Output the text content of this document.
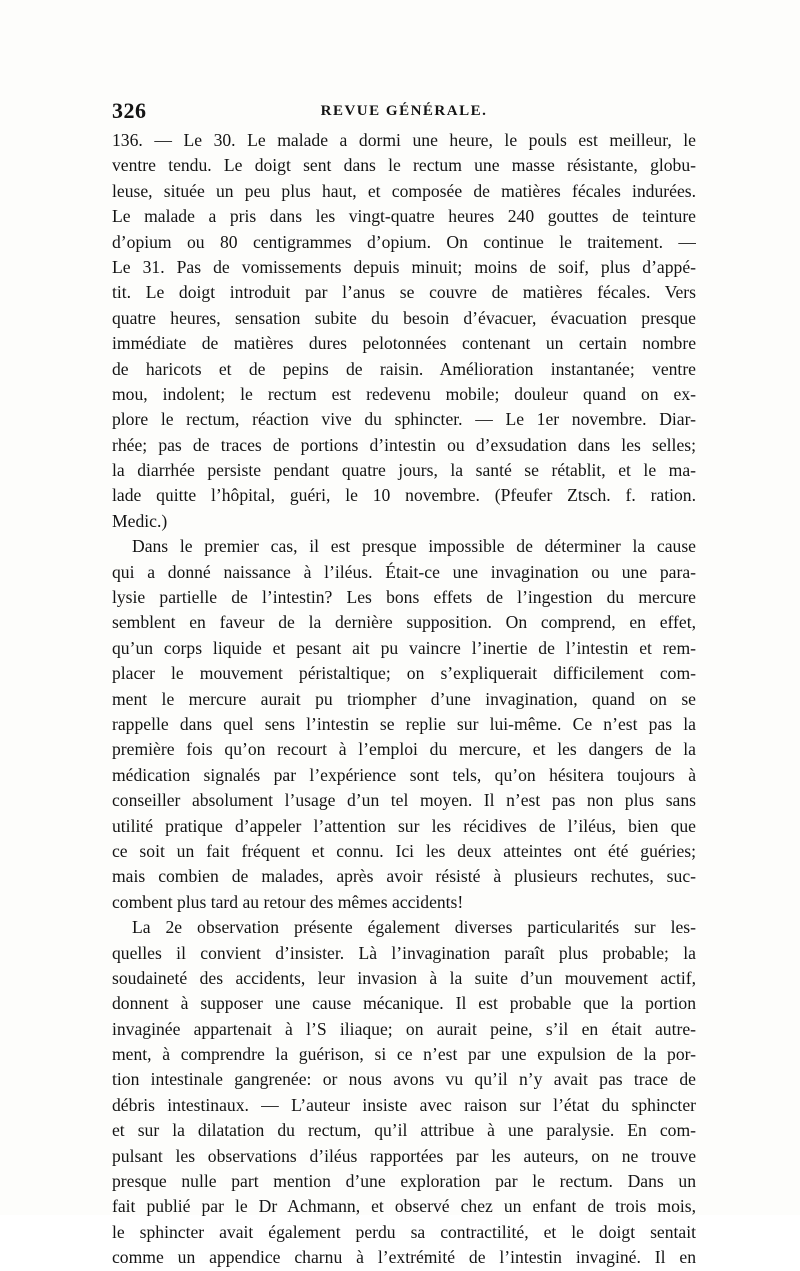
326	REVUE GÉNÉRALE.
136. — Le 30. Le malade a dormi une heure, le pouls est meilleur, le
ventre tendu. Le doigt sent dans le rectum une masse résistante, globu-
leuse, située un peu plus haut, et composée de matières fécales indurées.
Le malade a pris dans les vingt-quatre heures 240 gouttes de teinture
d’opium ou 80 centigrammes d’opium. On continue le traitement. —
Le 31. Pas de vomissements depuis minuit; moins de soif, plus d’appé-
tit. Le doigt introduit par l’anus se couvre de matières fécales. Vers
quatre heures, sensation subite du besoin d’évacuer, évacuation presque
immédiate de matières dures pelotonnées contenant un certain nombre
de haricots et de pepins de raisin. Amélioration instantanée; ventre
mou, indolent; le rectum est redevenu mobile; douleur quand on ex-
plore le rectum, réaction vive du sphincter. — Le 1er novembre. Diar-
rhée; pas de traces de portions d’intestin ou d’exsudation dans les selles;
la diarrhée persiste pendant quatre jours, la santé se rétablit, et le ma-
lade quitte l’hôpital, guéri, le 10 novembre. (Pfeufer Ztsch. f. ration.
Medic.)
Dans le premier cas, il est presque impossible de déterminer la cause
qui a donné naissance à l’iléus. Était-ce une invagination ou une para-
lysie partielle de l’intestin? Les bons effets de l’ingestion du mercure
semblent en faveur de la dernière supposition. On comprend, en effet,
qu’un corps liquide et pesant ait pu vaincre l’inertie de l’intestin et rem-
placer le mouvement péristaltique; on s’expliquerait difficilement com-
ment le mercure aurait pu triompher d’une invagination, quand on se
rappelle dans quel sens l’intestin se replie sur lui-même. Ce n’est pas la
première fois qu’on recourt à l’emploi du mercure, et les dangers de la
médication signalés par l’expérience sont tels, qu’on hésitera toujours à
conseiller absolument l’usage d’un tel moyen. Il n’est pas non plus sans
utilité pratique d’appeler l’attention sur les récidives de l’iléus, bien que
ce soit un fait fréquent et connu. Ici les deux atteintes ont été guéries;
mais combien de malades, après avoir résisté à plusieurs rechutes, suc-
combent plus tard au retour des mêmes accidents!
La 2e observation présente également diverses particularités sur les-
quelles il convient d’insister. Là l’invagination paraît plus probable; la
soudaineté des accidents, leur invasion à la suite d’un mouvement actif,
donnent à supposer une cause mécanique. Il est probable que la portion
invaginée appartenait à l’S iliaque; on aurait peine, s’il en était autre-
ment, à comprendre la guérison, si ce n’est par une expulsion de la por-
tion intestinale gangrenée: or nous avons vu qu’il n’y avait pas trace de
débris intestinaux. — L’auteur insiste avec raison sur l’état du sphincter
et sur la dilatation du rectum, qu’il attribue à une paralysie. En com-
pulsant les observations d’iléus rapportées par les auteurs, on ne trouve
presque nulle part mention d’une exploration par le rectum. Dans un
fait publié par le Dr Achmann, et observé chez un enfant de trois mois,
le sphincter avait également perdu sa contractilité, et le doigt sentait
comme un appendice charnu à l’extrémité de l’intestin invaginé. Il en
